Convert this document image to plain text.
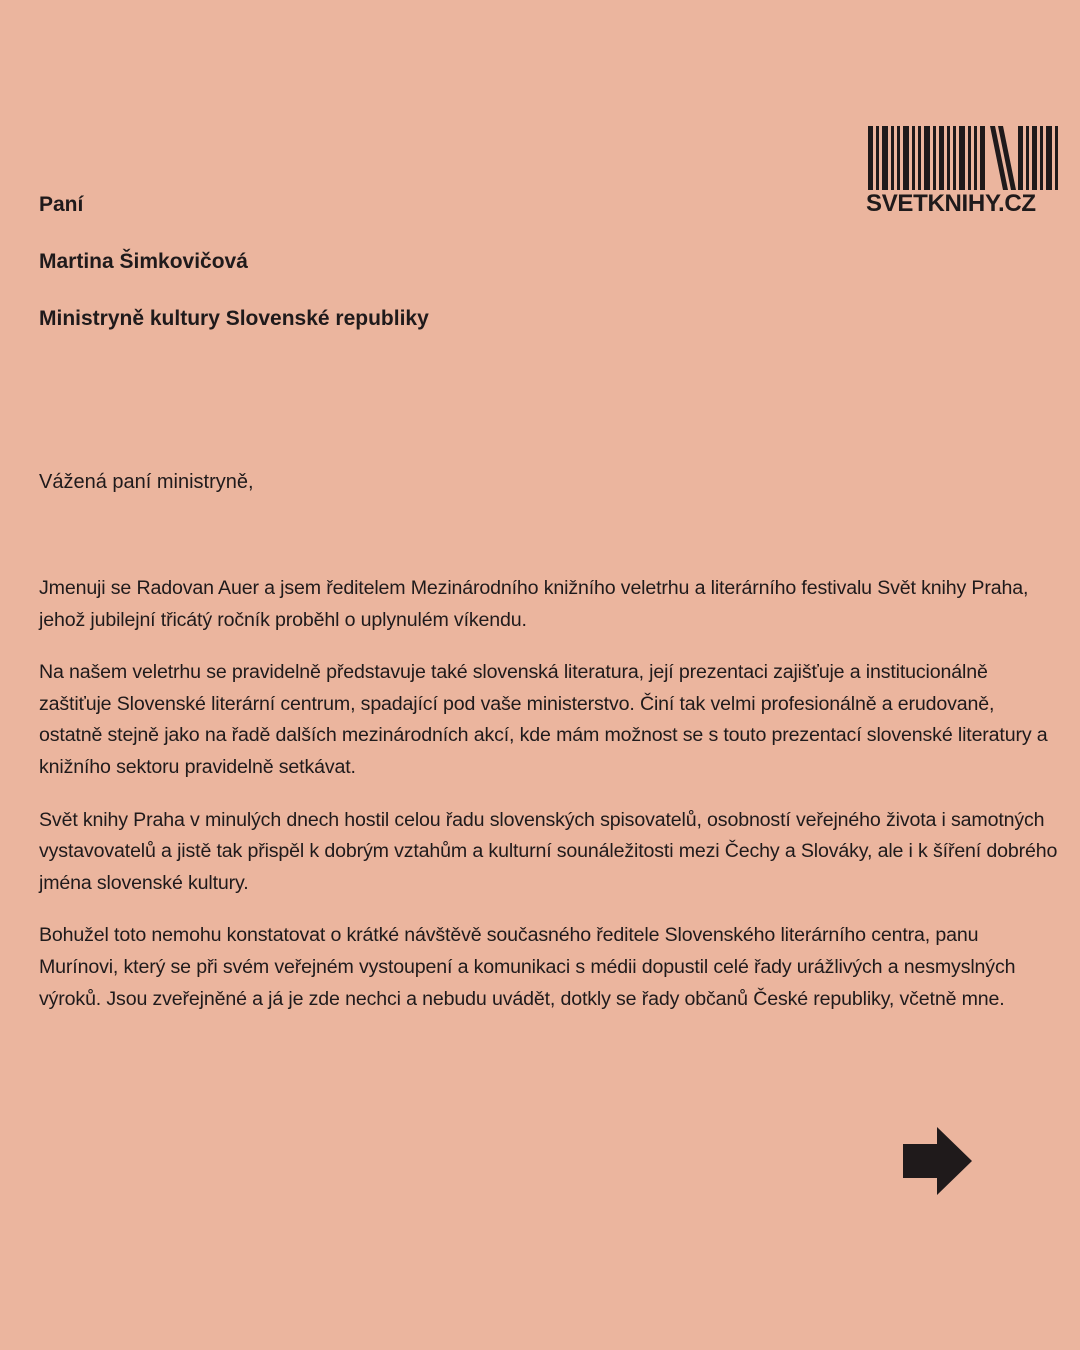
SVETKNIHY.CZ
Paní
Martina Šimkovičová
Ministryně kultury Slovenské republiky
Vážená paní ministryně,

Jmenuji se Radovan Auer a jsem ředitelem Mezinárodního knižního veletrhu a literárního festivalu Svět knihy Praha, jehož jubilejní třicátý ročník proběhl o uplynulém víkendu.

Na našem veletrhu se pravidelně představuje také slovenská literatura, její prezentaci zajišťuje a institucionálně zaštiťuje Slovenské literární centrum, spadající pod vaše ministerstvo. Činí tak velmi profesionálně a erudovaně, ostatně stejně jako na řadě dalších mezinárodních akcí, kde mám možnost se s touto prezentací slovenské literatury a knižního sektoru pravidelně setkávat.

Svět knihy Praha v minulých dnech hostil celou řadu slovenských spisovatelů, osobností veřejného života i samotných vystavovatelů a jistě tak přispěl k dobrým vztahům a kulturní sounáležitosti mezi Čechy a Slováky, ale i k šíření dobrého jména slovenské kultury.

Bohužel toto nemohu konstatovat o krátké návštěvě současného ředitele Slovenského literárního centra, panu Murínovi, který se při svém veřejném vystoupení a komunikaci s médii dopustil celé řady urážlivých a nesmyslných výroků. Jsou zveřejněné a já je zde nechci a nebudu uvádět, dotkly se řady občanů České republiky, včetně mne.
